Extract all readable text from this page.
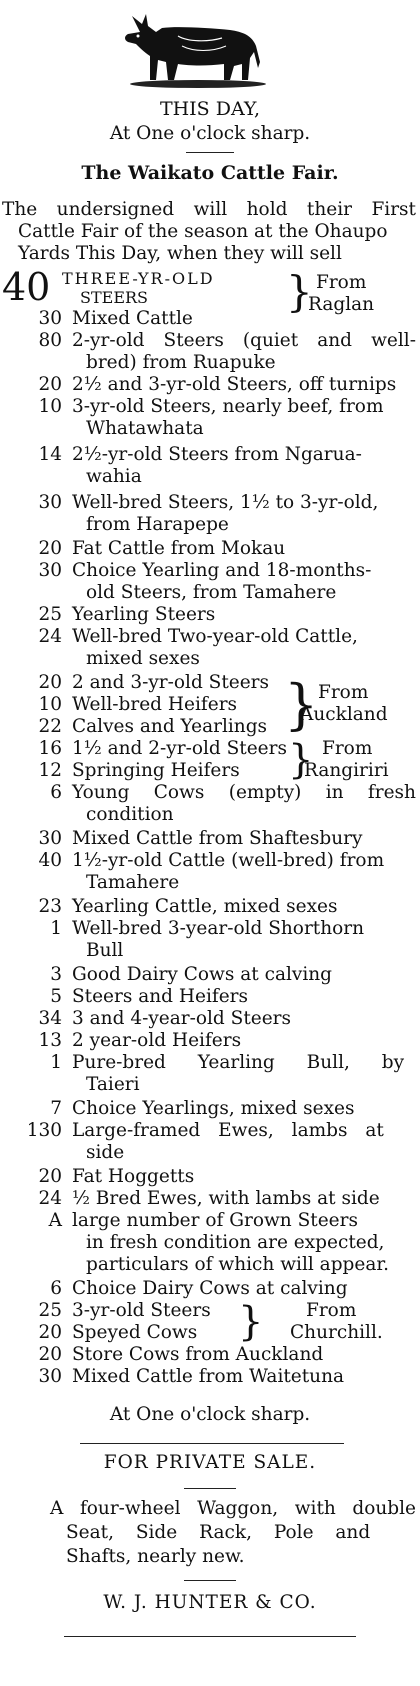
THIS DAY,
At One o'clock sharp.
The Waikato Cattle Fair.
The undersigned will hold their First
Cattle Fair of the season at the Ohaupo
Yards This Day, when they will sell
40 THREE-YR-OLD
STEERS
From
Raglan
}
30 Mixed Cattle
80 2-yr-old Steers (quiet and well-
bred) from Ruapuke
20 2½ and 3-yr-old Steers, off turnips
10 3-yr-old Steers, nearly beef, from
Whatawhata
14 2½-yr-old Steers from Ngarua-
wahia
30 Well-bred Steers, 1½ to 3-yr-old,
from Harapepe
20 Fat Cattle from Mokau
30 Choice Yearling and 18-months-
old Steers, from Tamahere
25 Yearling Steers
24 Well-bred Two-year-old Cattle,
mixed sexes
20 2 and 3-yr-old Steers
10 Well-bred Heifers
22 Calves and Yearlings } From
Auckland
16 1½ and 2-yr-old Steers
12 Springing Heifers } From
Rangiriri
6 Young Cows (empty) in fresh
condition
30 Mixed Cattle from Shaftesbury
40 1½-yr-old Cattle (well-bred) from
Tamahere
23 Yearling Cattle, mixed sexes
1 Well-bred 3-year-old Shorthorn
Bull
3 Good Dairy Cows at calving
5 Steers and Heifers
34 3 and 4-year-old Steers
13 2 year-old Heifers
1 Pure-bred Yearling Bull, by
Taieri
7 Choice Yearlings, mixed sexes
130 Large-framed Ewes, lambs at
side
20 Fat Hoggetts
24 ½ Bred Ewes, with lambs at side
A large number of Grown Steers
in fresh condition are expected,
particulars of which will appear.
6 Choice Dairy Cows at calving
25 3-yr-old Steers
20 Speyed Cows } From
Churchill.
20 Store Cows from Auckland
30 Mixed Cattle from Waitetuna
At One o'clock sharp.
FOR PRIVATE SALE.
A four-wheel Waggon, with double
Seat, Side Rack, Pole and
Shafts, nearly new.
W. J. HUNTER & CO.
